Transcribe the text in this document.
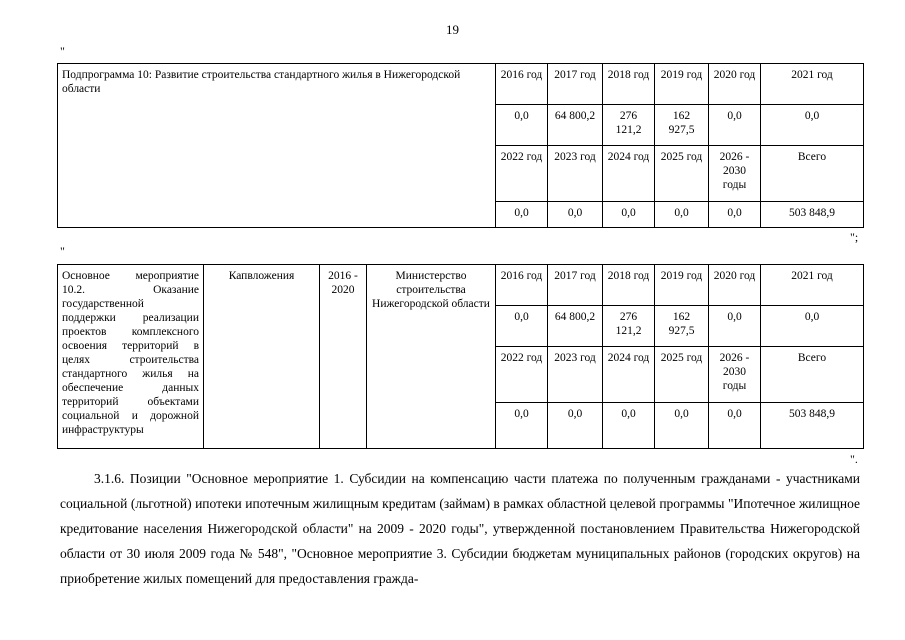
19
"
Подпрограмма 10: Развитие строительства стандартного жилья в Нижегородской области	2016 год	2017 год	2018 год	2019 год	2020 год	2021 год
	0,0	64 800,2	276 121,2	162 927,5	0,0	0,0
	2022 год	2023 год	2024 год	2025 год	2026 - 2030 годы	Всего
	0,0	0,0	0,0	0,0	0,0	503 848,9
";
"
Основное мероприятие 10.2. Оказание государственной поддержки реализации проектов комплексного освоения территорий в целях строительства стандартного жилья на обеспечение данных территорий объектами социальной и дорожной инфраструктуры	Капвложения	2016 - 2020	Министерство строительства Нижегородской области	2016 год	2017 год	2018 год	2019 год	2020 год	2021 год
				0,0	64 800,2	276 121,2	162 927,5	0,0	0,0
				2022 год	2023 год	2024 год	2025 год	2026 - 2030 годы	Всего
				0,0	0,0	0,0	0,0	0,0	503 848,9
".
3.1.6. Позиции "Основное мероприятие 1. Субсидии на компенсацию части платежа по полученным гражданами - участниками социальной (льготной) ипотеки ипотечным жилищным кредитам (займам) в рамках областной целевой программы "Ипотечное жилищное кредитование населения Нижегородской области" на 2009 - 2020 годы", утвержденной постановлением Правительства Нижегородской области от 30 июля 2009 года № 548", "Основное мероприятие 3. Субсидии бюджетам муниципальных районов (городских округов) на приобретение жилых помещений для предоставления гражда-
